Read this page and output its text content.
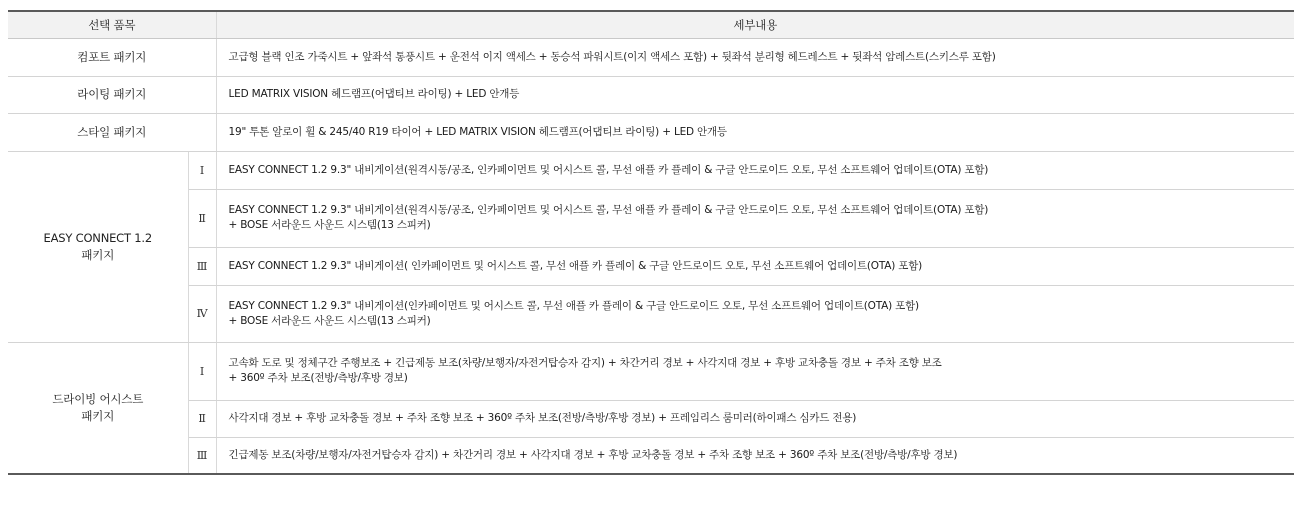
선택 품목		세부내용
컴포트 패키지		고급형 블랙 인조 가죽시트 + 앞좌석 통풍시트 + 운전석 이지 액세스 + 동승석 파워시트(이지 액세스 포함) + 뒷좌석 분리형 헤드레스트 + 뒷좌석 암레스트(스키스루 포함)
라이팅 패키지		LED MATRIX VISION 헤드램프(어댑티브 라이팅) + LED 안개등
스타일 패키지		19" 투톤 알로이 휠 & 245/40 R19 타이어 + LED MATRIX VISION 헤드램프(어댑티브 라이팅) + LED 안개등

EASY CONNECT 1.2
패키지	Ⅰ	EASY CONNECT 1.2 9.3" 내비게이션(원격시동/공조, 인카페이먼트 및 어시스트 콜, 무선 애플 카 플레이 & 구글 안드로이드 오토, 무선 소프트웨어 업데이트(OTA) 포함)

	Ⅱ	EASY CONNECT 1.2 9.3" 내비게이션(원격시동/공조, 인카페이먼트 및 어시스트 콜, 무선 애플 카 플레이 & 구글 안드로이드 오토, 무선 소프트웨어 업데이트(OTA) 포함)
+ BOSE 서라운드 사운드 시스템(13 스피커)

	Ⅲ	EASY CONNECT 1.2 9.3" 내비게이션( 인카페이먼트 및 어시스트 콜, 무선 애플 카 플레이 & 구글 안드로이드 오토, 무선 소프트웨어 업데이트(OTA) 포함)

	Ⅳ	EASY CONNECT 1.2 9.3" 내비게이션(인카페이먼트 및 어시스트 콜, 무선 애플 카 플레이 & 구글 안드로이드 오토, 무선 소프트웨어 업데이트(OTA) 포함)
+ BOSE 서라운드 사운드 시스템(13 스피커)

드라이빙 어시스트
패키지	Ⅰ	고속화 도로 및 정체구간 주행보조 + 긴급제동 보조(차량/보행자/자전거탑승자 감지) + 차간거리 경보 + 사각지대 경보 + 후방 교차충돌 경보 + 주차 조향 보조
+ 360º 주차 보조(전방/측방/후방 경보)

	Ⅱ	사각지대 경보 + 후방 교차충돌 경보 + 주차 조향 보조 + 360º 주차 보조(전방/측방/후방 경보) + 프레임리스 룸미러(하이패스 심카드 전용)

	Ⅲ	긴급제동 보조(차량/보행자/자전거탑승자 감지) + 차간거리 경보 + 사각지대 경보 + 후방 교차충돌 경보 + 주차 조향 보조 + 360º 주차 보조(전방/측방/후방 경보)
